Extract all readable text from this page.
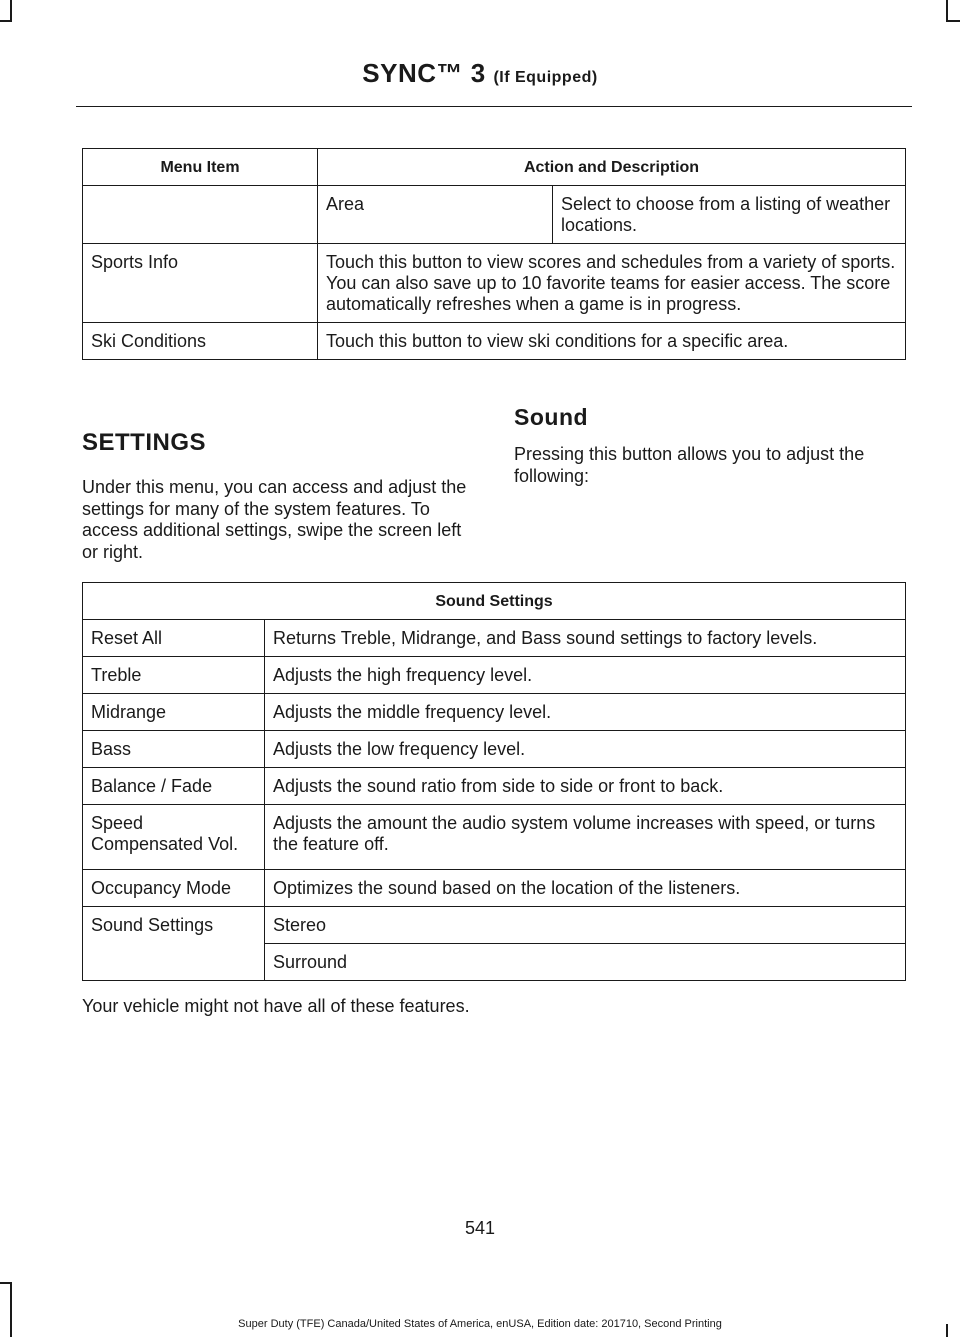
SYNC™ 3 (If Equipped)
Menu Item	Action and Description	
	Area	Select to choose from a listing of weather locations.
Sports Info	Touch this button to view scores and schedules from a variety of sports. You can also save up to 10 favorite teams for easier access. The score automatically refreshes when a game is in progress.	
Ski Conditions	Touch this button to view ski conditions for a specific area.	
SETTINGS
Under this menu, you can access and adjust the settings for many of the system features. To access additional settings, swipe the screen left or right.
Sound
Pressing this button allows you to adjust the following:
Sound Settings	
Reset All	Returns Treble, Midrange, and Bass sound settings to factory levels.
Treble	Adjusts the high frequency level.
Midrange	Adjusts the middle frequency level.
Bass	Adjusts the low frequency level.
Balance / Fade	Adjusts the sound ratio from side to side or front to back.
Speed Compensated Vol.	Adjusts the amount the audio system volume increases with speed, or turns the feature off.
Occupancy Mode	Optimizes the sound based on the location of the listeners.
Sound Settings	Stereo
	Surround
Your vehicle might not have all of these features.
541
Super Duty (TFE) Canada/United States of America, enUSA, Edition date: 201710, Second Printing
